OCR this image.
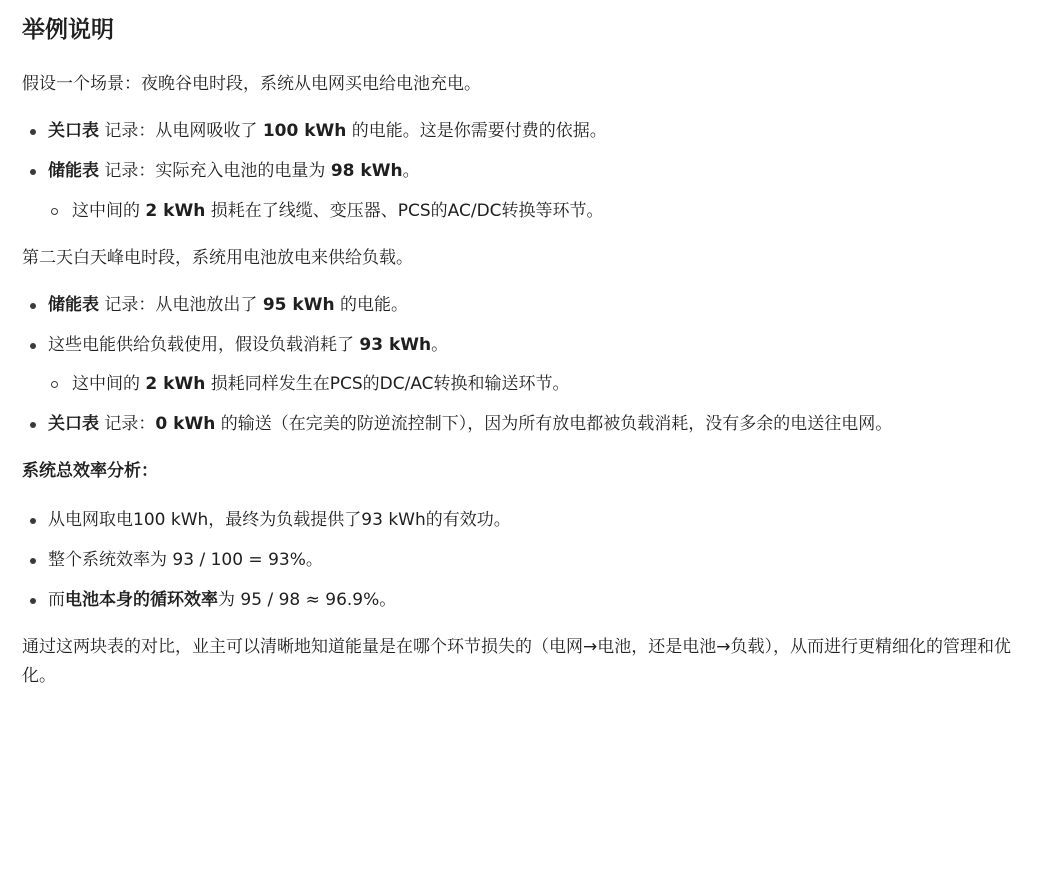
举例说明

假设一个场景：夜晚谷电时段，系统从电网买电给电池充电。

关口表 记录：从电网吸收了 100 kWh 的电能。这是你需要付费的依据。
储能表 记录：实际充入电池的电量为 98 kWh。
这中间的 2 kWh 损耗在了线缆、变压器、PCS的AC/DC转换等环节。

第二天白天峰电时段，系统用电池放电来供给负载。

储能表 记录：从电池放出了 95 kWh 的电能。
这些电能供给负载使用，假设负载消耗了 93 kWh。
这中间的 2 kWh 损耗同样发生在PCS的DC/AC转换和输送环节。
关口表 记录：0 kWh 的输送（在完美的防逆流控制下），因为所有放电都被负载消耗，没有多余的电送往电网。
系统总效率分析：
从电网取电100 kWh，最终为负载提供了93 kWh的有效功。
整个系统效率为 93 / 100 = 93%。
而电池本身的循环效率为 95 / 98 ≈ 96.9%。

通过这两块表的对比，业主可以清晰地知道能量是在哪个环节损失的（电网→电池，还是电池→负载），从而进行更精细化的管理和优化。
